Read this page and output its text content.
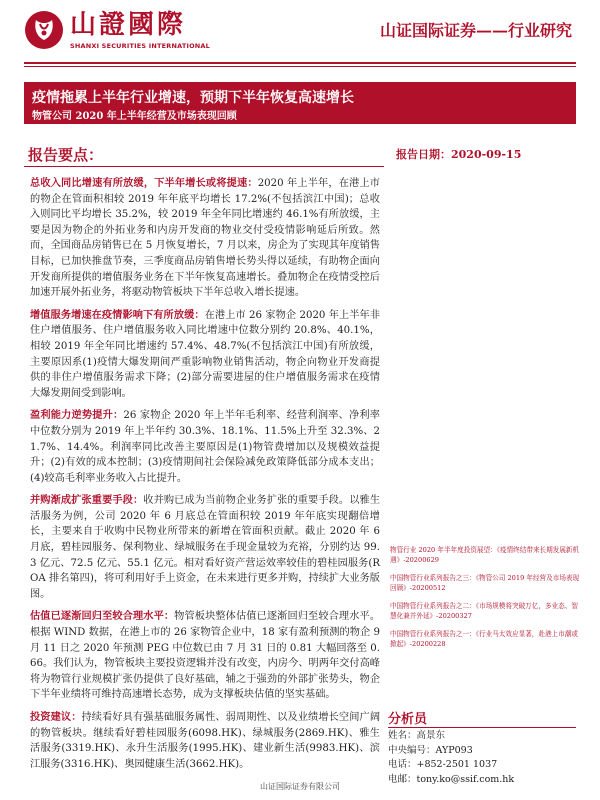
山證國際
SHANXI SECURITIES INTERNATIONAL
山证国际证券——行业研究
疫情拖累上半年行业增速，预期下半年恢复高速增长
物管公司 2020 年上半年经营及市场表现回顾
报告要点：	报告日期：2020-09-15

总收入同比增速有所放缓，下半年增长或将提速：2020 年上半年，在港上市的物企在管面积相较 2019 年年底平均增长 17.2%(不包括滨江中国)；总收入则同比平均增长 35.2%，较 2019 年全年同比增速约 46.1%有所放缓，主要是因为物企的外拓业务和内房开发商的物业交付受疫情影响延后所致。然而，全国商品房销售已在 5 月恢复增长，7 月以来，房企为了实现其年度销售目标，已加快推盘节奏，三季度商品房销售增长势头得以延续，有助物企面向开发商所提供的增值服务业务在下半年恢复高速增长。叠加物企在疫情受控后加速开展外拓业务，将驱动物管板块下半年总收入增长提速。

增值服务增速在疫情影响下有所放缓：在港上市 26 家物企 2020 年上半年非住户增值服务、住户增值服务收入同比增速中位数分别约 20.8%、40.1%，相较 2019 年全年同比增速约 57.4%、48.7%(不包括滨江中国)有所放缓，主要原因系(1)疫情大爆发期间严重影响物业销售活动，物企向物业开发商提供的非住户增值服务需求下降；(2)部分需要进屋的住户增值服务需求在疫情大爆发期间受到影响。

盈利能力逆势提升：26 家物企 2020 年上半年毛利率、经营利润率、净利率中位数分别为 2019 年上半年约 30.3%、18.1%、11.5%上升至 32.3%、21.7%、14.4%。利润率同比改善主要原因是(1)物管费增加以及规模效益提升；(2)有效的成本控制；(3)疫情期间社会保险减免政策降低部分成本支出；(4)较高毛利率业务收入占比提升。

并购渐成扩张重要手段：收并购已成为当前物企业务扩张的重要手段。以雅生活服务为例，公司 2020 年 6 月底总在管面积较 2019 年年底实现翻倍增长，主要来自于收购中民物业所带来的新增在管面积贡献。截止 2020 年 6 月底，碧桂园服务、保利物业、绿城服务在手现金量较为充裕，分别约达 99.3 亿元、72.5 亿元、55.1 亿元。相对看好资产营运效率较佳的碧桂园服务(ROA 排名第四)，将可利用好手上资金，在未来进行更多并购，持续扩大业务版图。

估值已逐渐回归至较合理水平：物管板块整体估值已逐渐回归至较合理水平。根据 WIND 数据，在港上市的 26 家物管企业中，18 家有盈利预测的物企 9 月 11 日之 2020 年预测 PEG 中位数已由 7 月 31 日的 0.81 大幅回落至 0.66。我们认为，物管板块主要投资逻辑并没有改变，内房今、明两年交付高峰将为物管行业规模扩张仍提供了良好基础，辅之于强劲的外部扩张势头，物企下半年业绩将可维持高速增长态势，成为支撑板块估值的坚实基础。

投资建议：持续看好具有强基础服务属性、弱周期性、以及业绩增长空间广阔的物管板块。继续看好碧桂园服务(6098.HK)、绿城服务(2869.HK)、雅生活服务(3319.HK)、永升生活服务(1995.HK)、建业新生活(9983.HK)、滨江服务(3316.HK)、奥园健康生活(3662.HK)。

物管行业 2020 年半年度投资展望：《疫情终结带来长期发展新机遇》-20200629
中国物管行业系列报告之三：《物管公司 2019 年经营及市场表现回顾》-20200512
中国物管行业系列报告之二：《市场规模将突破万亿，多业态、智慧化兼并外延》-20200327
中国物管行业系列报告之一：《行业马太效应显著，赴港上市潮或掀起》-20200228
分析员
姓名：高景东
中央编号：AYP093
电话：+852-2501 1037
电邮：tony.ko@ssif.com.hk
山证国际证券有限公司
